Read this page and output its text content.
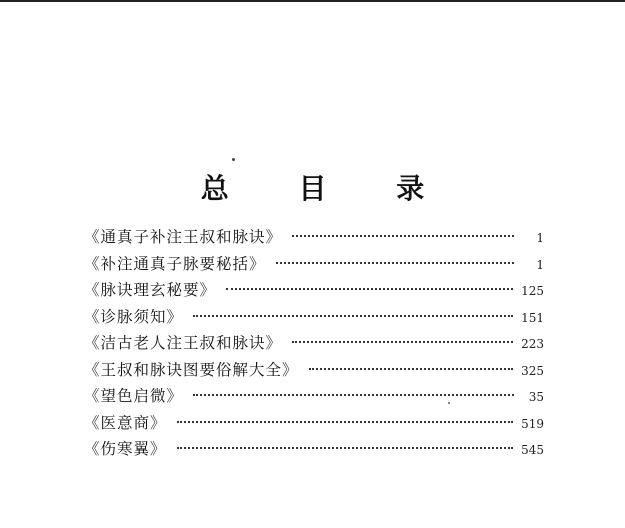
总 目 录
《通真子补注王叔和脉诀》	1
《补注通真子脉要秘括》	1
《脉诀理玄秘要》	125
《诊脉须知》	151
《洁古老人注王叔和脉诀》	223
《王叔和脉诀图要俗解大全》	325
《望色启微》	35
《医意商》	519
《伤寒翼》	545
